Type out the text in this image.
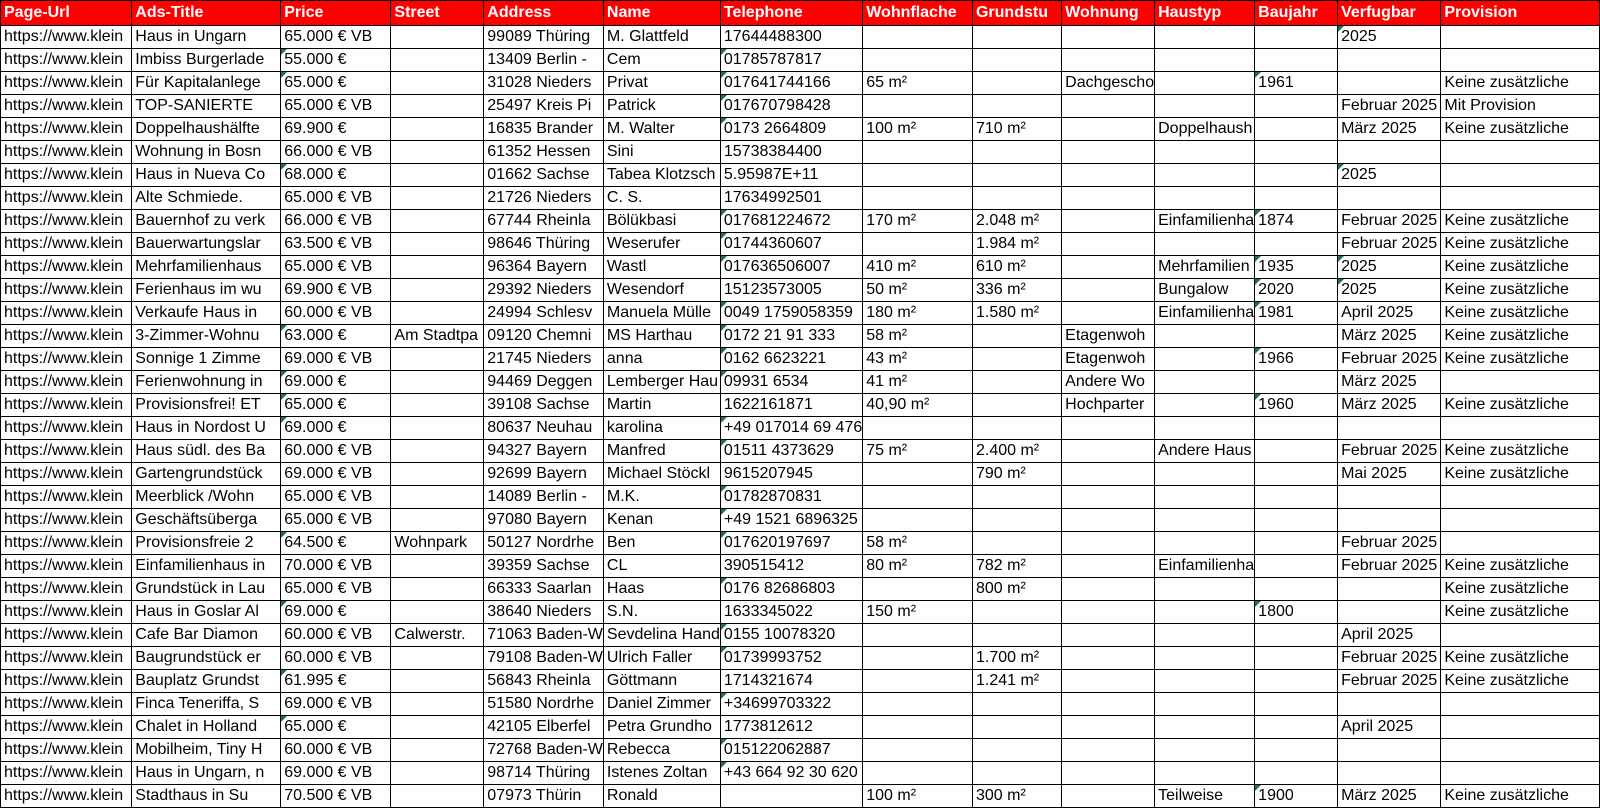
Page-Url	Ads-Title	Price	Street	Address	Name	Telephone	Wohnflache	Grundstu	Wohnung	Haustyp	Baujahr	Verfugbar	Provision
https://www.klein	Haus in Ungarn	65.000 € VB		99089 Thüring	M. Glattfeld	17644488300						2025	
https://www.klein	Imbiss Burgerlade	55.000 €		13409 Berlin -	Cem	01785787817							
https://www.klein	Für Kapitalanlege	65.000 €		31028 Nieders	Privat	017641744166	65 m²		Dachgescho		1961		Keine zusätzliche
https://www.klein	TOP-SANIERTE	65.000 € VB		25497 Kreis Pi	Patrick	017670798428						Februar 2025	Mit Provision
https://www.klein	Doppelhaushälfte	69.900 €		16835 Brander	M. Walter	0173 2664809	100 m²	710 m²		Doppelhaush		März 2025	Keine zusätzliche
https://www.klein	Wohnung in Bosn	66.000 € VB		61352 Hessen	Sini	15738384400							
https://www.klein	Haus in Nueva Co	68.000 €		01662 Sachse	Tabea Klotzsch	5.95987E+11						2025	
https://www.klein	Alte Schmiede.	65.000 € VB		21726 Nieders	C. S.	17634992501							
https://www.klein	Bauernhof zu verk	66.000 € VB		67744 Rheinla	Bölükbasi	017681224672	170 m²	2.048 m²		Einfamilienha	1874	Februar 2025	Keine zusätzliche
https://www.klein	Bauerwartungslar	63.500 € VB		98646 Thüring	Weserufer	01744360607		1.984 m²				Februar 2025	Keine zusätzliche
https://www.klein	Mehrfamilienhaus	65.000 € VB		96364 Bayern	Wastl	017636506007	410 m²	610 m²		Mehrfamilien	1935	2025	Keine zusätzliche
https://www.klein	Ferienhaus im wu	69.900 € VB		29392 Nieders	Wesendorf	15123573005	50 m²	336 m²		Bungalow	2020	2025	Keine zusätzliche
https://www.klein	Verkaufe Haus in	60.000 € VB		24994 Schlesv	Manuela Mülle	0049 1759058359	180 m²	1.580 m²		Einfamilienha	1981	April 2025	Keine zusätzliche
https://www.klein	3-Zimmer-Wohnu	63.000 €	Am Stadtpa	09120 Chemni	MS Harthau	0172 21 91 333	58 m²		Etagenwoh			März 2025	Keine zusätzliche
https://www.klein	Sonnige 1 Zimme	69.000 € VB		21745 Nieders	anna	0162 6623221	43 m²		Etagenwoh		1966	Februar 2025	Keine zusätzliche
https://www.klein	Ferienwohnung in	69.000 €		94469 Deggen	Lemberger Hau	09931 6534	41 m²		Andere Wo			März 2025	
https://www.klein	Provisionsfrei! ET	65.000 €		39108 Sachse	Martin	1622161871	40,90 m²		Hochparter		1960	März 2025	Keine zusätzliche
https://www.klein	Haus in Nordost U	69.000 €		80637 Neuhau	karolina	+49 017014 69 476							
https://www.klein	Haus südl. des Ba	60.000 € VB		94327 Bayern	Manfred	01511 4373629	75 m²	2.400 m²		Andere Haus		Februar 2025	Keine zusätzliche
https://www.klein	Gartengrundstück	69.000 € VB		92699 Bayern	Michael Stöckl	9615207945		790 m²				Mai 2025	Keine zusätzliche
https://www.klein	Meerblick /Wohn	65.000 € VB		14089 Berlin -	M.K.	01782870831							
https://www.klein	Geschäftsüberga	65.000 € VB		97080 Bayern	Kenan	+49 1521 6896325							
https://www.klein	Provisionsfreie 2	64.500 €	Wohnpark	50127 Nordrhe	Ben	017620197697	58 m²					Februar 2025	
https://www.klein	Einfamilienhaus in	70.000 € VB		39359 Sachse	CL	390515412	80 m²	782 m²		Einfamilienha		Februar 2025	Keine zusätzliche
https://www.klein	Grundstück in Lau	65.000 € VB		66333 Saarlan	Haas	0176 82686803		800 m²					Keine zusätzliche
https://www.klein	Haus in Goslar Al	69.000 €		38640 Nieders	S.N.	1633345022	150 m²				1800		Keine zusätzliche
https://www.klein	Cafe Bar Diamon	60.000 € VB	Calwerstr.	71063 Baden-W	Sevdelina Hand	0155 10078320						April 2025	
https://www.klein	Baugrundstück er	60.000 € VB		79108 Baden-W	Ulrich Faller	01739993752		1.700 m²				Februar 2025	Keine zusätzliche
https://www.klein	Bauplatz Grundst	61.995 €		56843 Rheinla	Göttmann	1714321674		1.241 m²				Februar 2025	Keine zusätzliche
https://www.klein	Finca Teneriffa, S	69.000 € VB		51580 Nordrhe	Daniel Zimmer	+34699703322							
https://www.klein	Chalet in Holland	65.000 €		42105 Elberfel	Petra Grundho	1773812612						April 2025	
https://www.klein	Mobilheim, Tiny H	60.000 € VB		72768 Baden-W	Rebecca	015122062887							
https://www.klein	Haus in Ungarn, n	69.000 € VB		98714 Thüring	Istenes Zoltan	+43 664 92 30 620							
https://www.klein	Stadthaus in Su	70.500 € VB		07973 Thürin	Ronald		100 m²	300 m²		Teilweise	1900	März 2025	Keine zusätzliche
